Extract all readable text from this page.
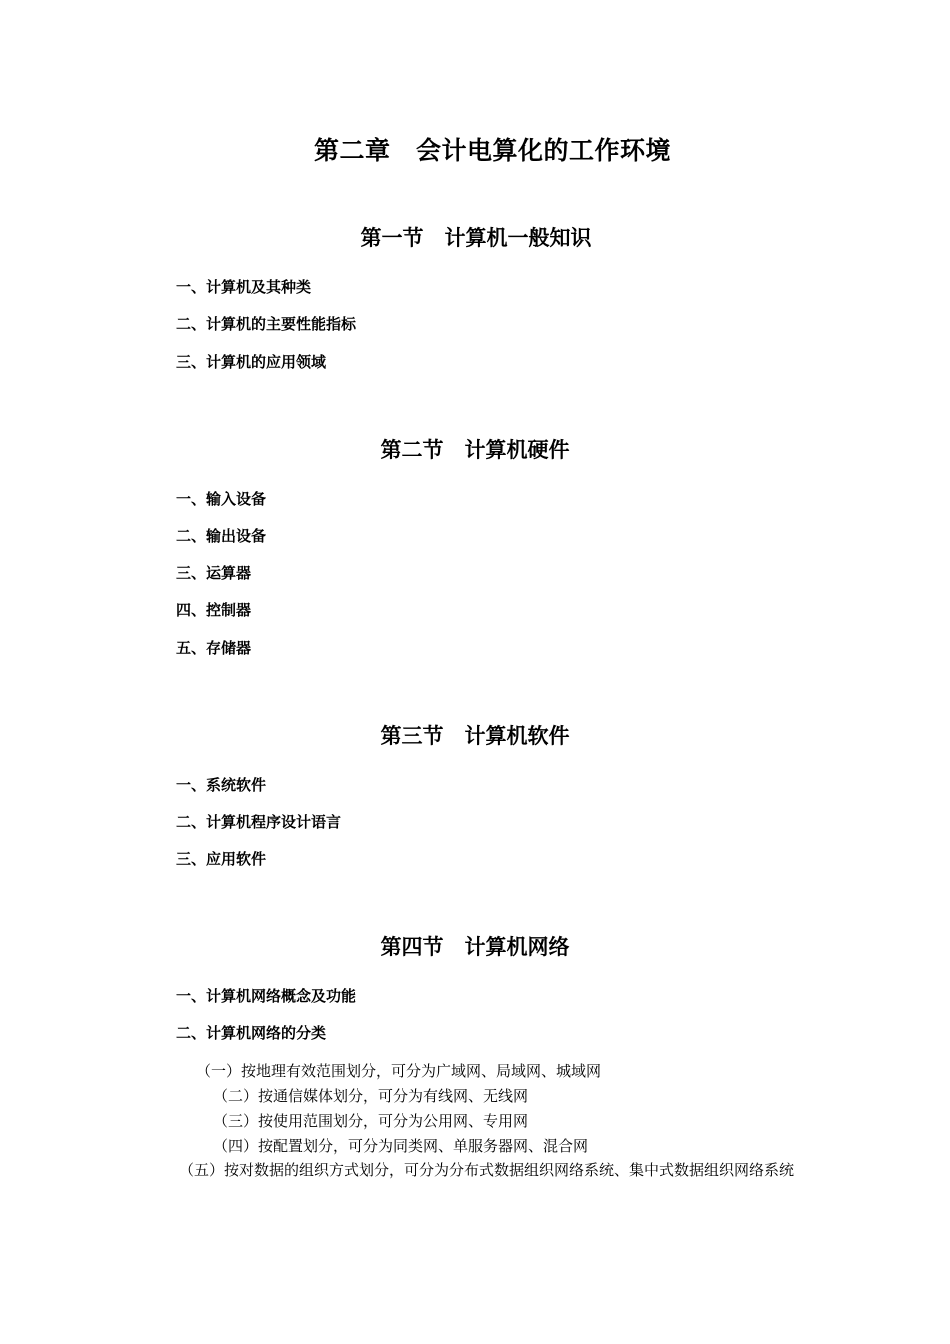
第二章　会计电算化的工作环境
第一节　计算机一般知识
一、计算机及其种类
二、计算机的主要性能指标
三、计算机的应用领域
第二节　计算机硬件
一、输入设备
二、输出设备
三、运算器
四、控制器
五、存储器
第三节　计算机软件
一、系统软件
二、计算机程序设计语言
三、应用软件
第四节　计算机网络
一、计算机网络概念及功能
二、计算机网络的分类
（一）按地理有效范围划分，可分为广域网、局域网、城域网
（二）按通信媒体划分，可分为有线网、无线网
（三）按使用范围划分，可分为公用网、专用网
（四）按配置划分，可分为同类网、单服务器网、混合网
（五）按对数据的组织方式划分，可分为分布式数据组织网络系统、集中式数据组织网络系统
